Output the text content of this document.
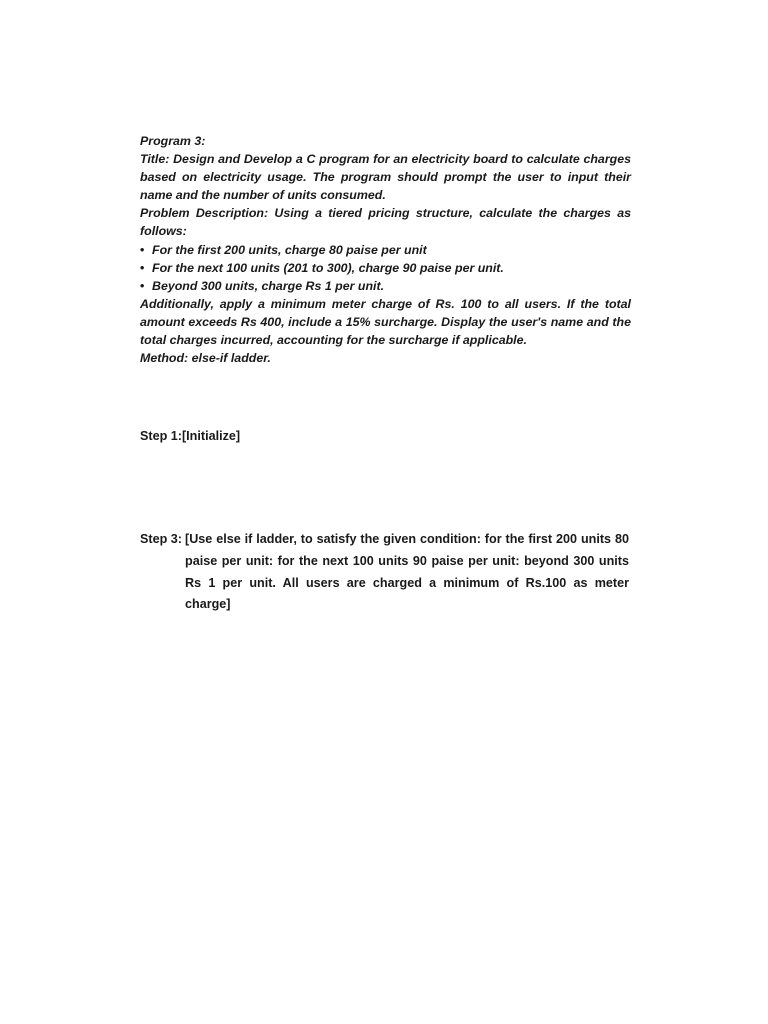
Program 3:

Title: Design and Develop a C program for an electricity board to calculate charges based on electricity usage. The program should prompt the user to input their name and the number of units consumed.

Problem Description: Using a tiered pricing structure, calculate the charges as follows:

• For the first 200 units, charge 80 paise per unit
• For the next 100 units (201 to 300), charge 90 paise per unit.
• Beyond 300 units, charge Rs 1 per unit.

Additionally, apply a minimum meter charge of Rs. 100 to all users. If the total amount exceeds Rs 400, include a 15% surcharge. Display the user's name and the total charges incurred, accounting for the surcharge if applicable.

Method: else-if ladder.

Step 1:[Initialize]
Step 3: [Use else if ladder, to satisfy the given condition: for the first 200 units 80 paise per unit: for the next 100 units 90 paise per unit: beyond 300 units Rs 1 per unit. All users are charged a minimum of Rs.100 as meter charge]
